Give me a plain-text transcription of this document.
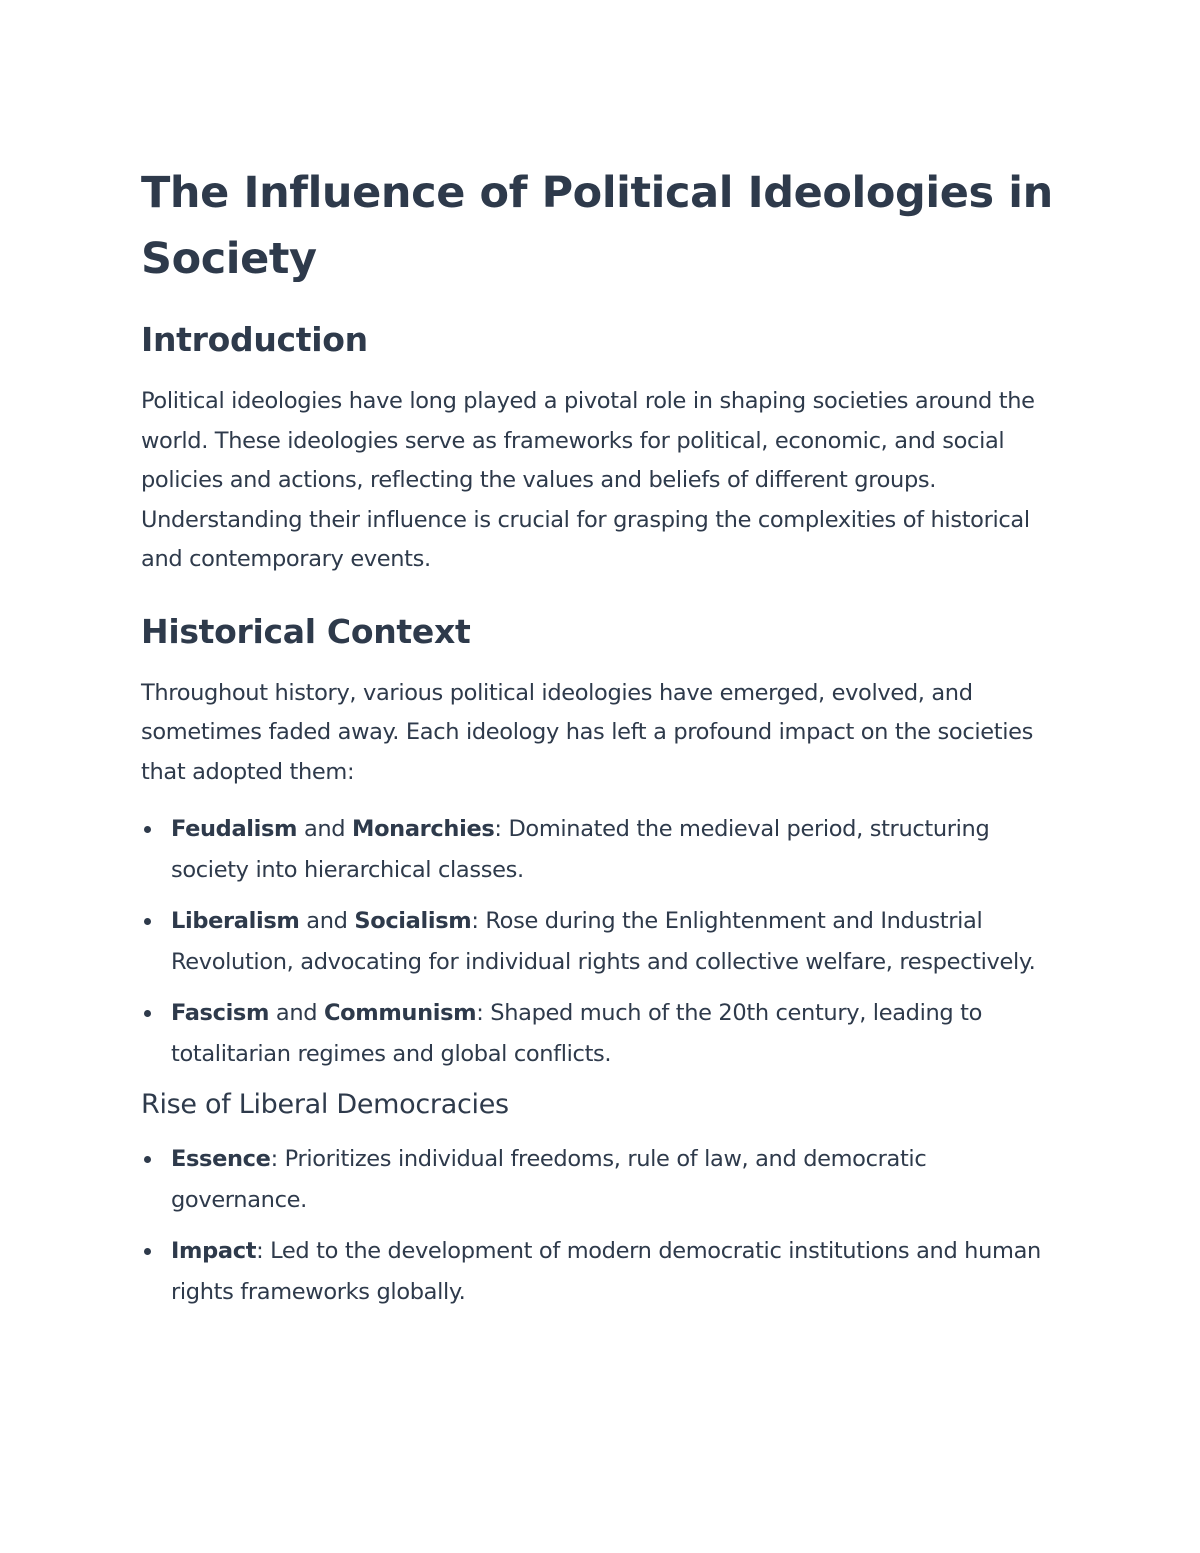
The Influence of Political Ideologies in Society
Introduction

Political ideologies have long played a pivotal role in shaping societies around the world. These ideologies serve as frameworks for political, economic, and social policies and actions, reflecting the values and beliefs of different groups. Understanding their influence is crucial for grasping the complexities of historical and contemporary events.

Historical Context

Throughout history, various political ideologies have emerged, evolved, and sometimes faded away. Each ideology has left a profound impact on the societies that adopted them:

Feudalism and Monarchies: Dominated the medieval period, structuring society into hierarchical classes.
Liberalism and Socialism: Rose during the Enlightenment and Industrial Revolution, advocating for individual rights and collective welfare, respectively.
Fascism and Communism: Shaped much of the 20th century, leading to totalitarian regimes and global conflicts.
Rise of Liberal Democracies
Essence: Prioritizes individual freedoms, rule of law, and democratic governance.
Impact: Led to the development of modern democratic institutions and human rights frameworks globally.
